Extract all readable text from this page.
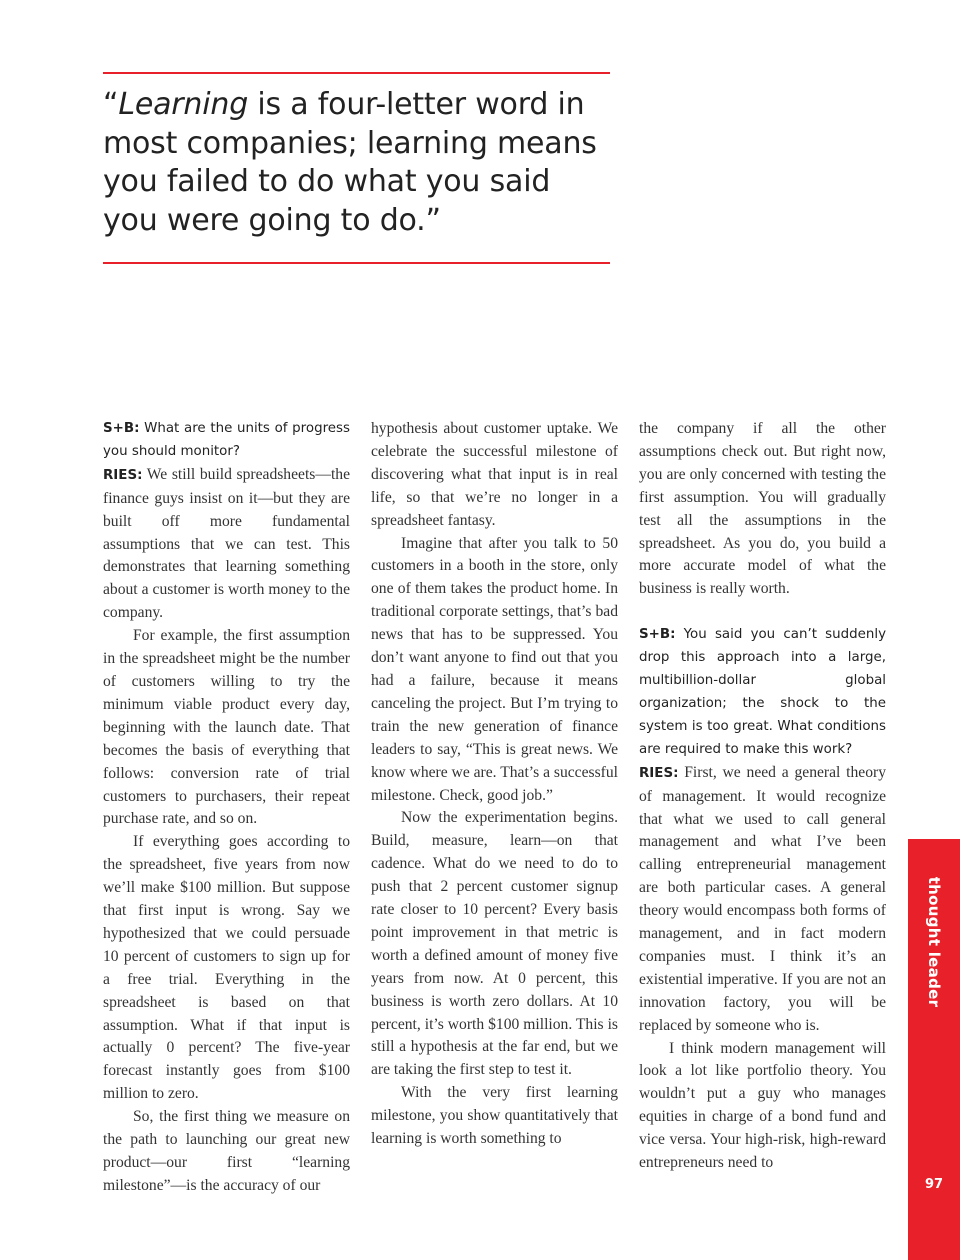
“Learning is a four-letter word in most companies; learning means you failed to do what you said you were going to do.”

S+B: What are the units of progress you should monitor?

RIES: We still build spreadsheets—the finance guys insist on it—but they are built off more fundamental assumptions that we can test. This demonstrates that learning something about a customer is worth money to the company.

For example, the first assumption in the spreadsheet might be the number of customers willing to try the minimum viable product every day, beginning with the launch date. That becomes the basis of everything that follows: conversion rate of trial customers to purchasers, their repeat purchase rate, and so on.

If everything goes according to the spreadsheet, five years from now we’ll make $100 million. But suppose that first input is wrong. Say we hypothesized that we could persuade 10 percent of customers to sign up for a free trial. Everything in the spreadsheet is based on that assumption. What if that input is actually 0 percent? The five-year forecast instantly goes from $100 million to zero.

So, the first thing we measure on the path to launching our great new product—our first “learning milestone”—is the accuracy of our

hypothesis about customer uptake. We celebrate the successful milestone of discovering what that input is in real life, so that we’re no longer in a spreadsheet fantasy.

Imagine that after you talk to 50 customers in a booth in the store, only one of them takes the product home. In traditional corporate settings, that’s bad news that has to be suppressed. You don’t want anyone to find out that you had a failure, because it means canceling the project. But I’m trying to train the new generation of finance leaders to say, “This is great news. We know where we are. That’s a successful milestone. Check, good job.”

Now the experimentation begins. Build, measure, learn—on that cadence. What do we need to do to push that 2 percent customer signup rate closer to 10 percent? Every basis point improvement in that metric is worth a defined amount of money five years from now. At 0 percent, this business is worth zero dollars. At 10 percent, it’s worth $100 million. This is still a hypothesis at the far end, but we are taking the first step to test it.

With the very first learning milestone, you show quantitatively that learning is worth something to

the company if all the other assumptions check out. But right now, you are only concerned with testing the first assumption. You will gradually test all the assumptions in the spreadsheet. As you do, you build a more accurate model of what the business is really worth.

S+B: You said you can’t suddenly drop this approach into a large, multibillion-dollar global organization; the shock to the system is too great. What conditions are required to make this work?

RIES: First, we need a general theory of management. It would recognize that what we used to call general management and what I’ve been calling entrepreneurial management are both particular cases. A general theory would encompass both forms of management, and in fact modern companies must. I think it’s an existential imperative. If you are not an innovation factory, you will be replaced by someone who is.

I think modern management will look a lot like portfolio theory. You wouldn’t put a guy who manages equities in charge of a bond fund and vice versa. Your high-risk, high-reward entrepreneurs need to

thought leader
97
